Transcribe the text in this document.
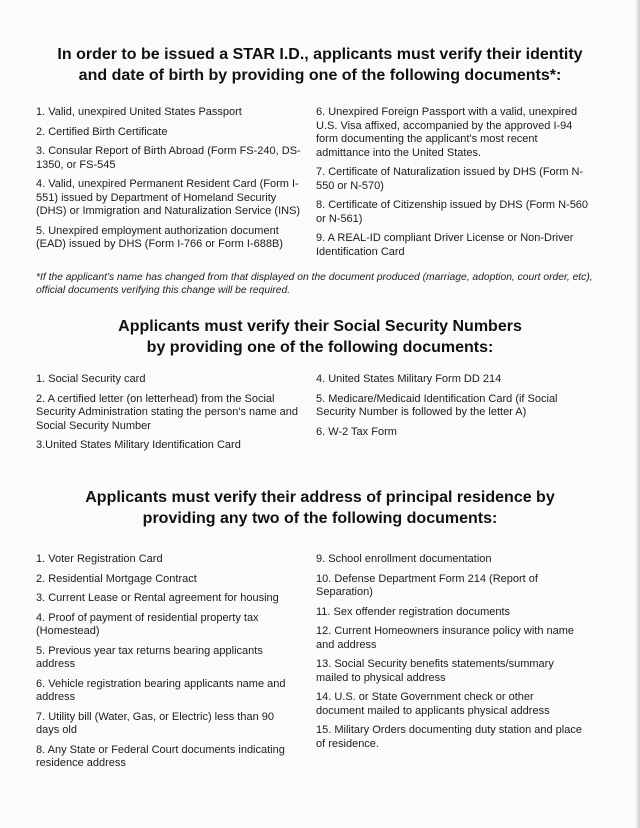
In order to be issued a STAR I.D., applicants must verify their identity
and date of birth by providing one of the following documents*:
1. Valid, unexpired United States Passport
2. Certified Birth Certificate
3. Consular Report of Birth Abroad (Form FS-240, DS-1350, or FS-545
4. Valid, unexpired Permanent Resident Card (Form I-551) issued by Department of Homeland Security (DHS) or Immigration and Naturalization Service (INS)
5. Unexpired employment authorization document (EAD) issued by DHS (Form I-766 or Form I-688B)
6. Unexpired Foreign Passport with a valid, unexpired U.S. Visa affixed, accompanied by the approved I-94 form documenting the applicant's most recent admittance into the United States.
7. Certificate of Naturalization issued by DHS (Form N-550 or N-570)
8. Certificate of Citizenship issued by DHS (Form N-560 or N-561)
9. A REAL-ID compliant Driver License or Non-Driver Identification Card
*If the applicant's name has changed from that displayed on the document produced (marriage, adoption, court order, etc), official documents verifying this change will be required.
Applicants must verify their Social Security Numbers
by providing one of the following documents:
1. Social Security card
2. A certified letter (on letterhead) from the Social Security Administration stating the person's name and Social Security Number
3.United States Military Identification Card
4. United States Military Form DD 214
5. Medicare/Medicaid Identification Card (if Social Security Number is followed by the letter A)
6. W-2 Tax Form
Applicants must verify their address of principal residence by
providing any two of the following documents:
1. Voter Registration Card
2. Residential Mortgage Contract
3. Current Lease or Rental agreement for housing
4. Proof of payment of residential property tax (Homestead)
5. Previous year tax returns bearing applicants address
6. Vehicle registration bearing applicants name and address
7. Utility bill (Water, Gas, or Electric) less than 90 days old
8. Any State or Federal Court documents indicating residence address
9. School enrollment documentation
10. Defense Department Form 214 (Report of Separation)
11. Sex offender registration documents
12. Current Homeowners insurance policy with name and address
13. Social Security benefits statements/summary mailed to physical address
14. U.S. or State Government check or other document mailed to applicants physical address
15. Military Orders documenting duty station and place of residence.
